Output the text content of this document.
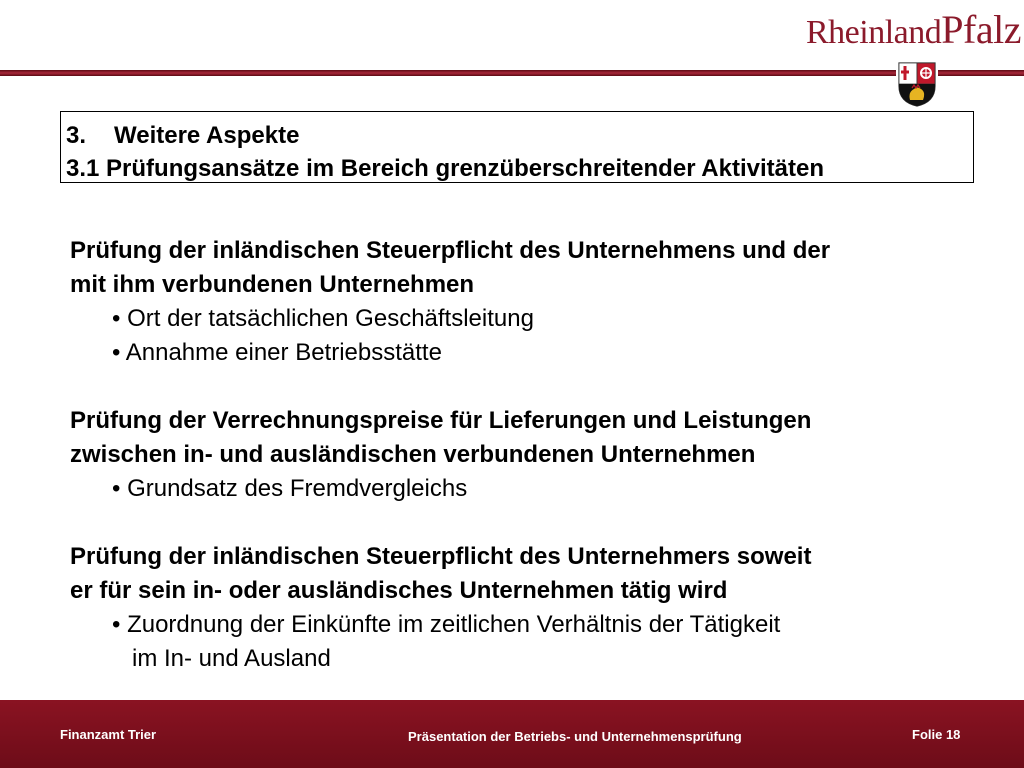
RheinlandPfalz
3. Weitere Aspekte
3.1 Prüfungsansätze im Bereich grenzüberschreitender Aktivitäten
Prüfung der inländischen Steuerpflicht des Unternehmens und der
mit ihm verbundenen Unternehmen
• Ort der tatsächlichen Geschäftsleitung
• Annahme einer Betriebsstätte
Prüfung der Verrechnungspreise für Lieferungen und Leistungen
zwischen in- und ausländischen verbundenen Unternehmen
• Grundsatz des Fremdvergleichs
Prüfung der inländischen Steuerpflicht des Unternehmers soweit
er für sein in- oder ausländisches Unternehmen tätig wird
• Zuordnung der Einkünfte im zeitlichen Verhältnis der Tätigkeit
im In- und Ausland
Finanzamt Trier	Präsentation der Betriebs- und Unternehmensprüfung	Folie 18
